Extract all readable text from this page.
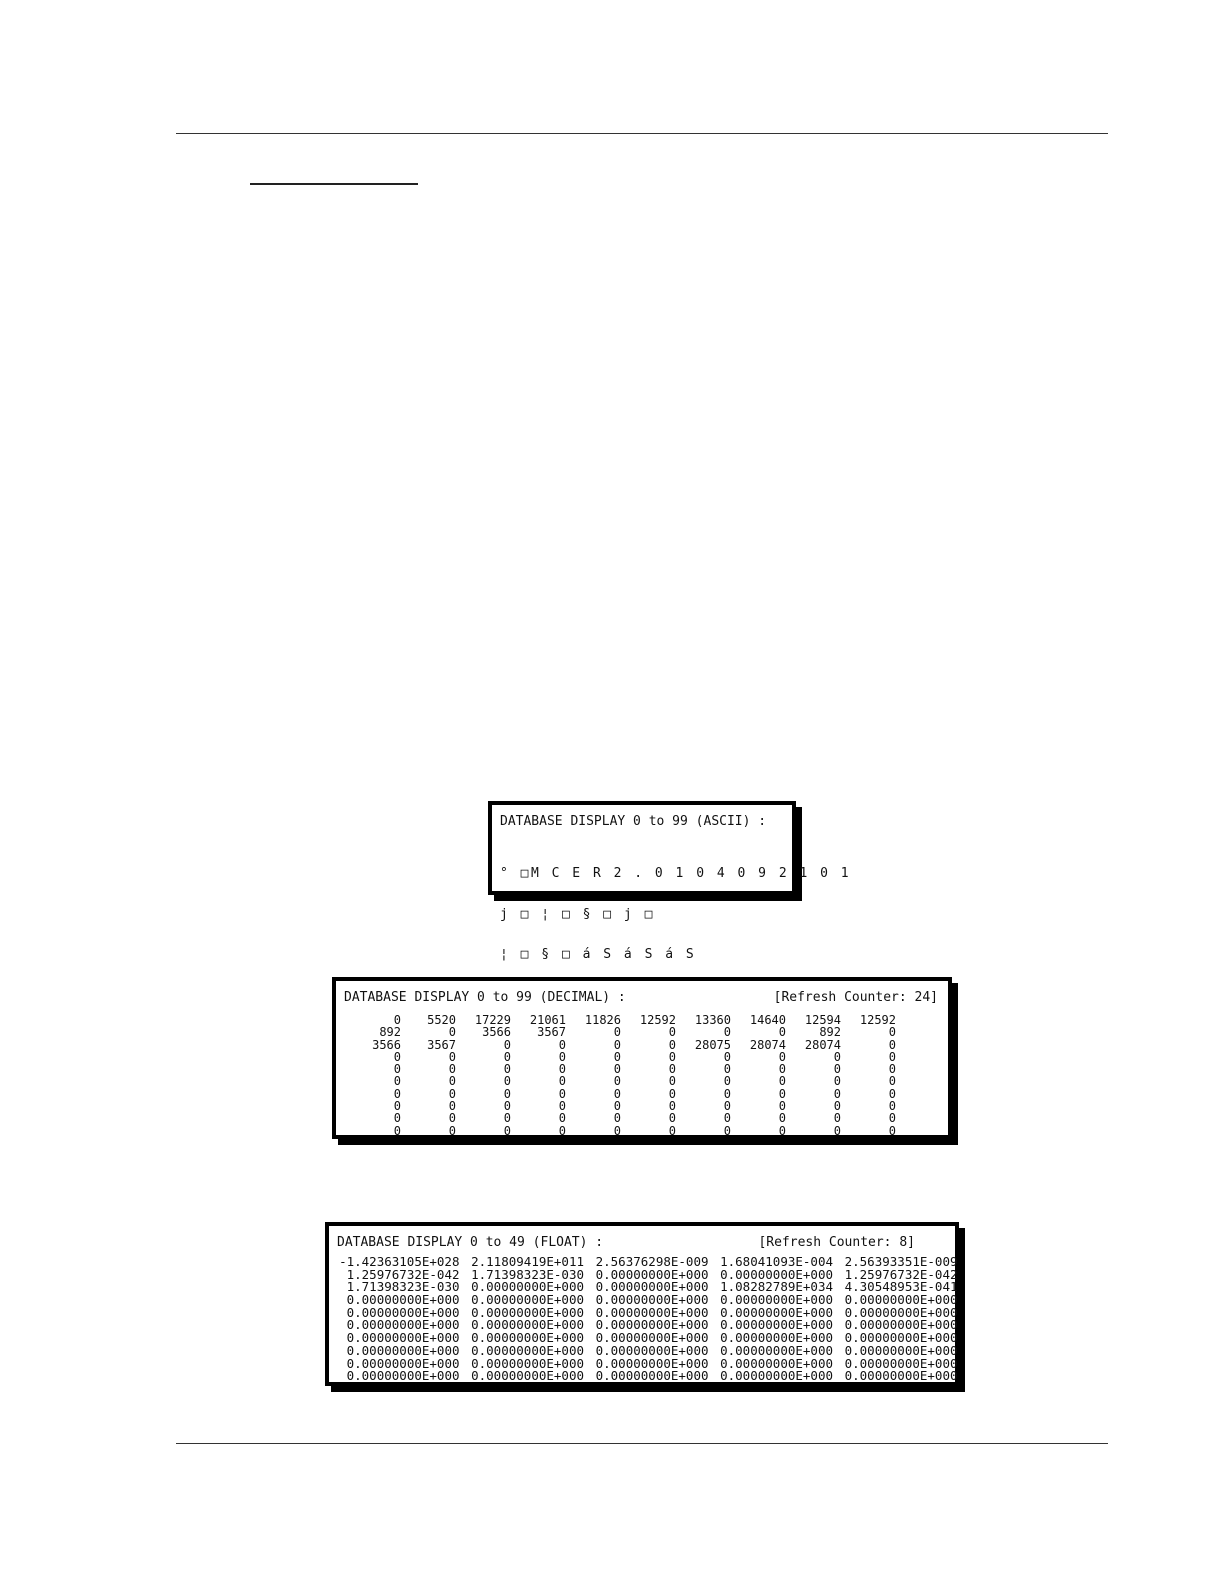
DATABASE DISPLAY 0 to 99 (ASCII) :

° □M C E R 2 . 0 1 0 4 0 9 2 1 0 1

j □ ¦ □ § □ j □

¦ □ § □ á S á S á S

DATABASE DISPLAY 0 to 99 (DECIMAL) :

	[Refresh Counter: 24]

0	5520	17229	21061	11826	12592	13360	14640	12594	12592
892	0	3566	3567	0	0	0	0	892	0
3566	3567	0	0	0	0	28075	28074	28074	0
0	0	0	0	0	0	0	0	0	0
0	0	0	0	0	0	0	0	0	0
0	0	0	0	0	0	0	0	0	0
0	0	0	0	0	0	0	0	0	0
0	0	0	0	0	0	0	0	0	0
0	0	0	0	0	0	0	0	0	0
0	0	0	0	0	0	0	0	0	0

DATABASE DISPLAY 0 to 49 (FLOAT) :

	[Refresh Counter: 8]

-1.42363105E+028 2.11809419E+011 2.56376298E-009 1.68041093E-004 2.56393351E-009
1.25976732E-042 1.71398323E-030 0.00000000E+000 0.00000000E+000 1.25976732E-042
1.71398323E-030 0.00000000E+000 0.00000000E+000 1.08282789E+034 4.30548953E-041
0.00000000E+000 0.00000000E+000 0.00000000E+000 0.00000000E+000 0.00000000E+000
0.00000000E+000 0.00000000E+000 0.00000000E+000 0.00000000E+000 0.00000000E+000
0.00000000E+000 0.00000000E+000 0.00000000E+000 0.00000000E+000 0.00000000E+000
0.00000000E+000 0.00000000E+000 0.00000000E+000 0.00000000E+000 0.00000000E+000
0.00000000E+000 0.00000000E+000 0.00000000E+000 0.00000000E+000 0.00000000E+000
0.00000000E+000 0.00000000E+000 0.00000000E+000 0.00000000E+000 0.00000000E+000
0.00000000E+000 0.00000000E+000 0.00000000E+000 0.00000000E+000 0.00000000E+000
